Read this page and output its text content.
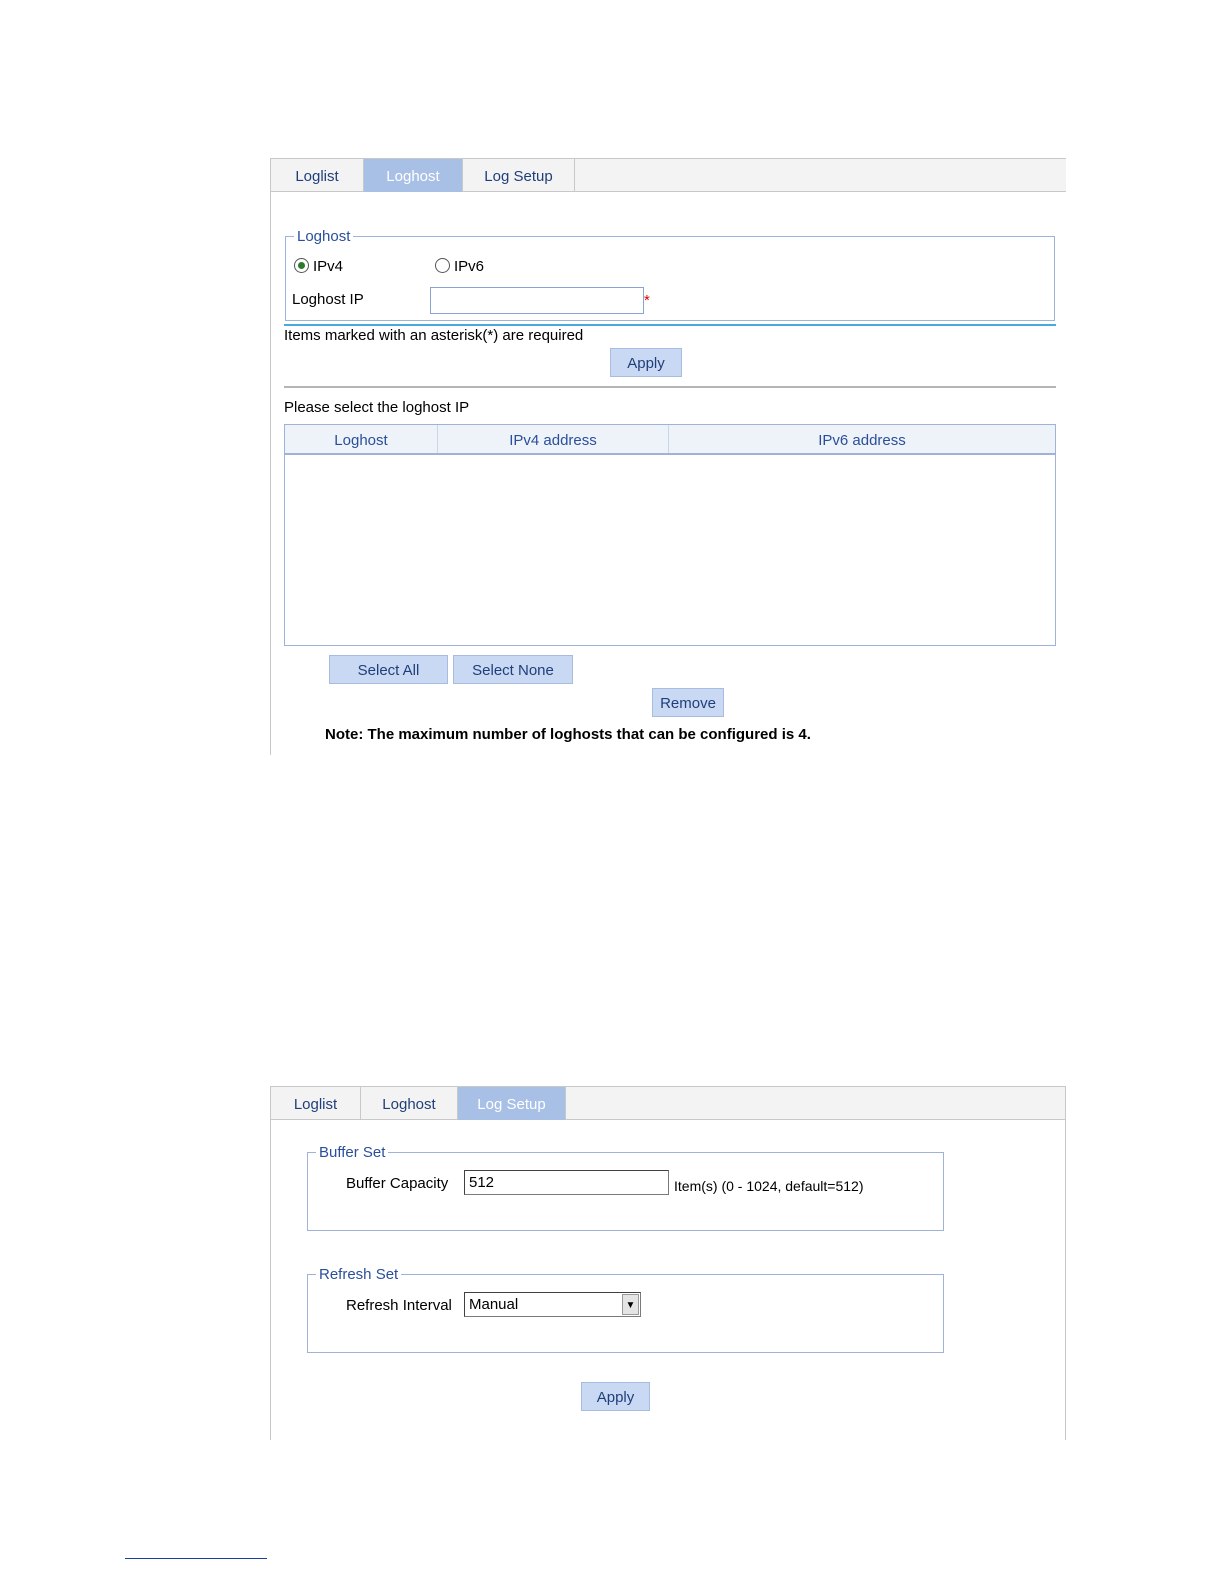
Loglist	Loghost	Log Setup
Loghost
IPv4	IPv6
Loghost IP	*
Items marked with an asterisk(*) are required
Apply
Please select the loghost IP
Loghost	IPv4 address	IPv6 address
Select All	Select None
Remove
Note: The maximum number of loghosts that can be configured is 4.
Loglist	Loghost	Log Setup
Buffer Set
Buffer Capacity
512	Item(s) (0 - 1024, default=512)
Refresh Set
Refresh Interval Manual	▼
Apply
